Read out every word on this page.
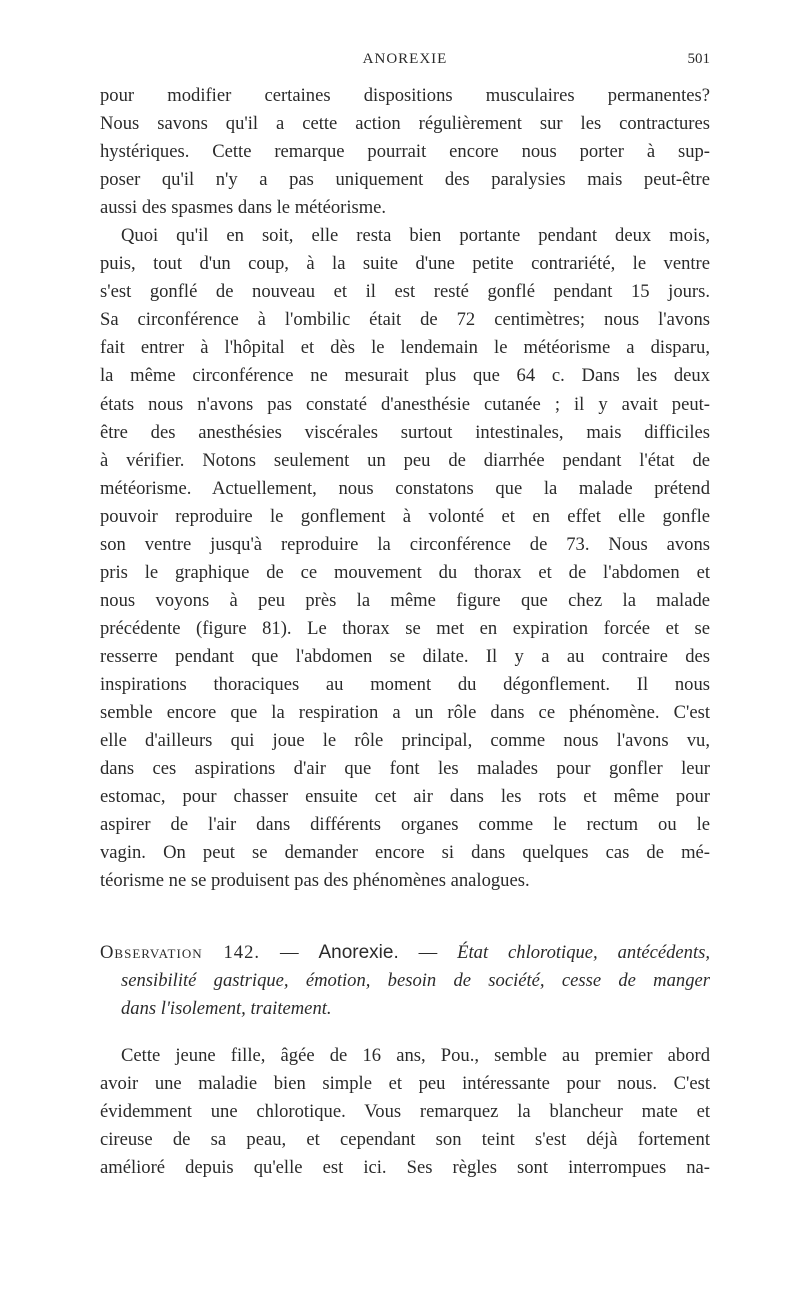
ANOREXIE	501
pour modifier certaines dispositions musculaires permanentes?
Nous savons qu'il a cette action régulièrement sur les contractures
hystériques. Cette remarque pourrait encore nous porter à sup-
poser qu'il n'y a pas uniquement des paralysies mais peut-être
aussi des spasmes dans le météorisme.
Quoi qu'il en soit, elle resta bien portante pendant deux mois,
puis, tout d'un coup, à la suite d'une petite contrariété, le ventre
s'est gonflé de nouveau et il est resté gonflé pendant 15 jours.
Sa circonférence à l'ombilic était de 72 centimètres; nous l'avons
fait entrer à l'hôpital et dès le lendemain le météorisme a disparu,
la même circonférence ne mesurait plus que 64 c. Dans les deux
états nous n'avons pas constaté d'anesthésie cutanée ; il y avait peut-
être des anesthésies viscérales surtout intestinales, mais difficiles
à vérifier. Notons seulement un peu de diarrhée pendant l'état de
météorisme. Actuellement, nous constatons que la malade prétend
pouvoir reproduire le gonflement à volonté et en effet elle gonfle
son ventre jusqu'à reproduire la circonférence de 73. Nous avons
pris le graphique de ce mouvement du thorax et de l'abdomen et
nous voyons à peu près la même figure que chez la malade
précédente (figure 81). Le thorax se met en expiration forcée et se
resserre pendant que l'abdomen se dilate. Il y a au contraire des
inspirations thoraciques au moment du dégonflement. Il nous
semble encore que la respiration a un rôle dans ce phénomène. C'est
elle d'ailleurs qui joue le rôle principal, comme nous l'avons vu,
dans ces aspirations d'air que font les malades pour gonfler leur
estomac, pour chasser ensuite cet air dans les rots et même pour
aspirer de l'air dans différents organes comme le rectum ou le
vagin. On peut se demander encore si dans quelques cas de mé-
téorisme ne se produisent pas des phénomènes analogues.
Observation 142. — Anorexie. — État chlorotique, antécédents,
sensibilité gastrique, émotion, besoin de société, cesse de manger
dans l'isolement, traitement.
Cette jeune fille, âgée de 16 ans, Pou., semble au premier abord
avoir une maladie bien simple et peu intéressante pour nous. C'est
évidemment une chlorotique. Vous remarquez la blancheur mate et
cireuse de sa peau, et cependant son teint s'est déjà fortement
amélioré depuis qu'elle est ici. Ses règles sont interrompues na-
